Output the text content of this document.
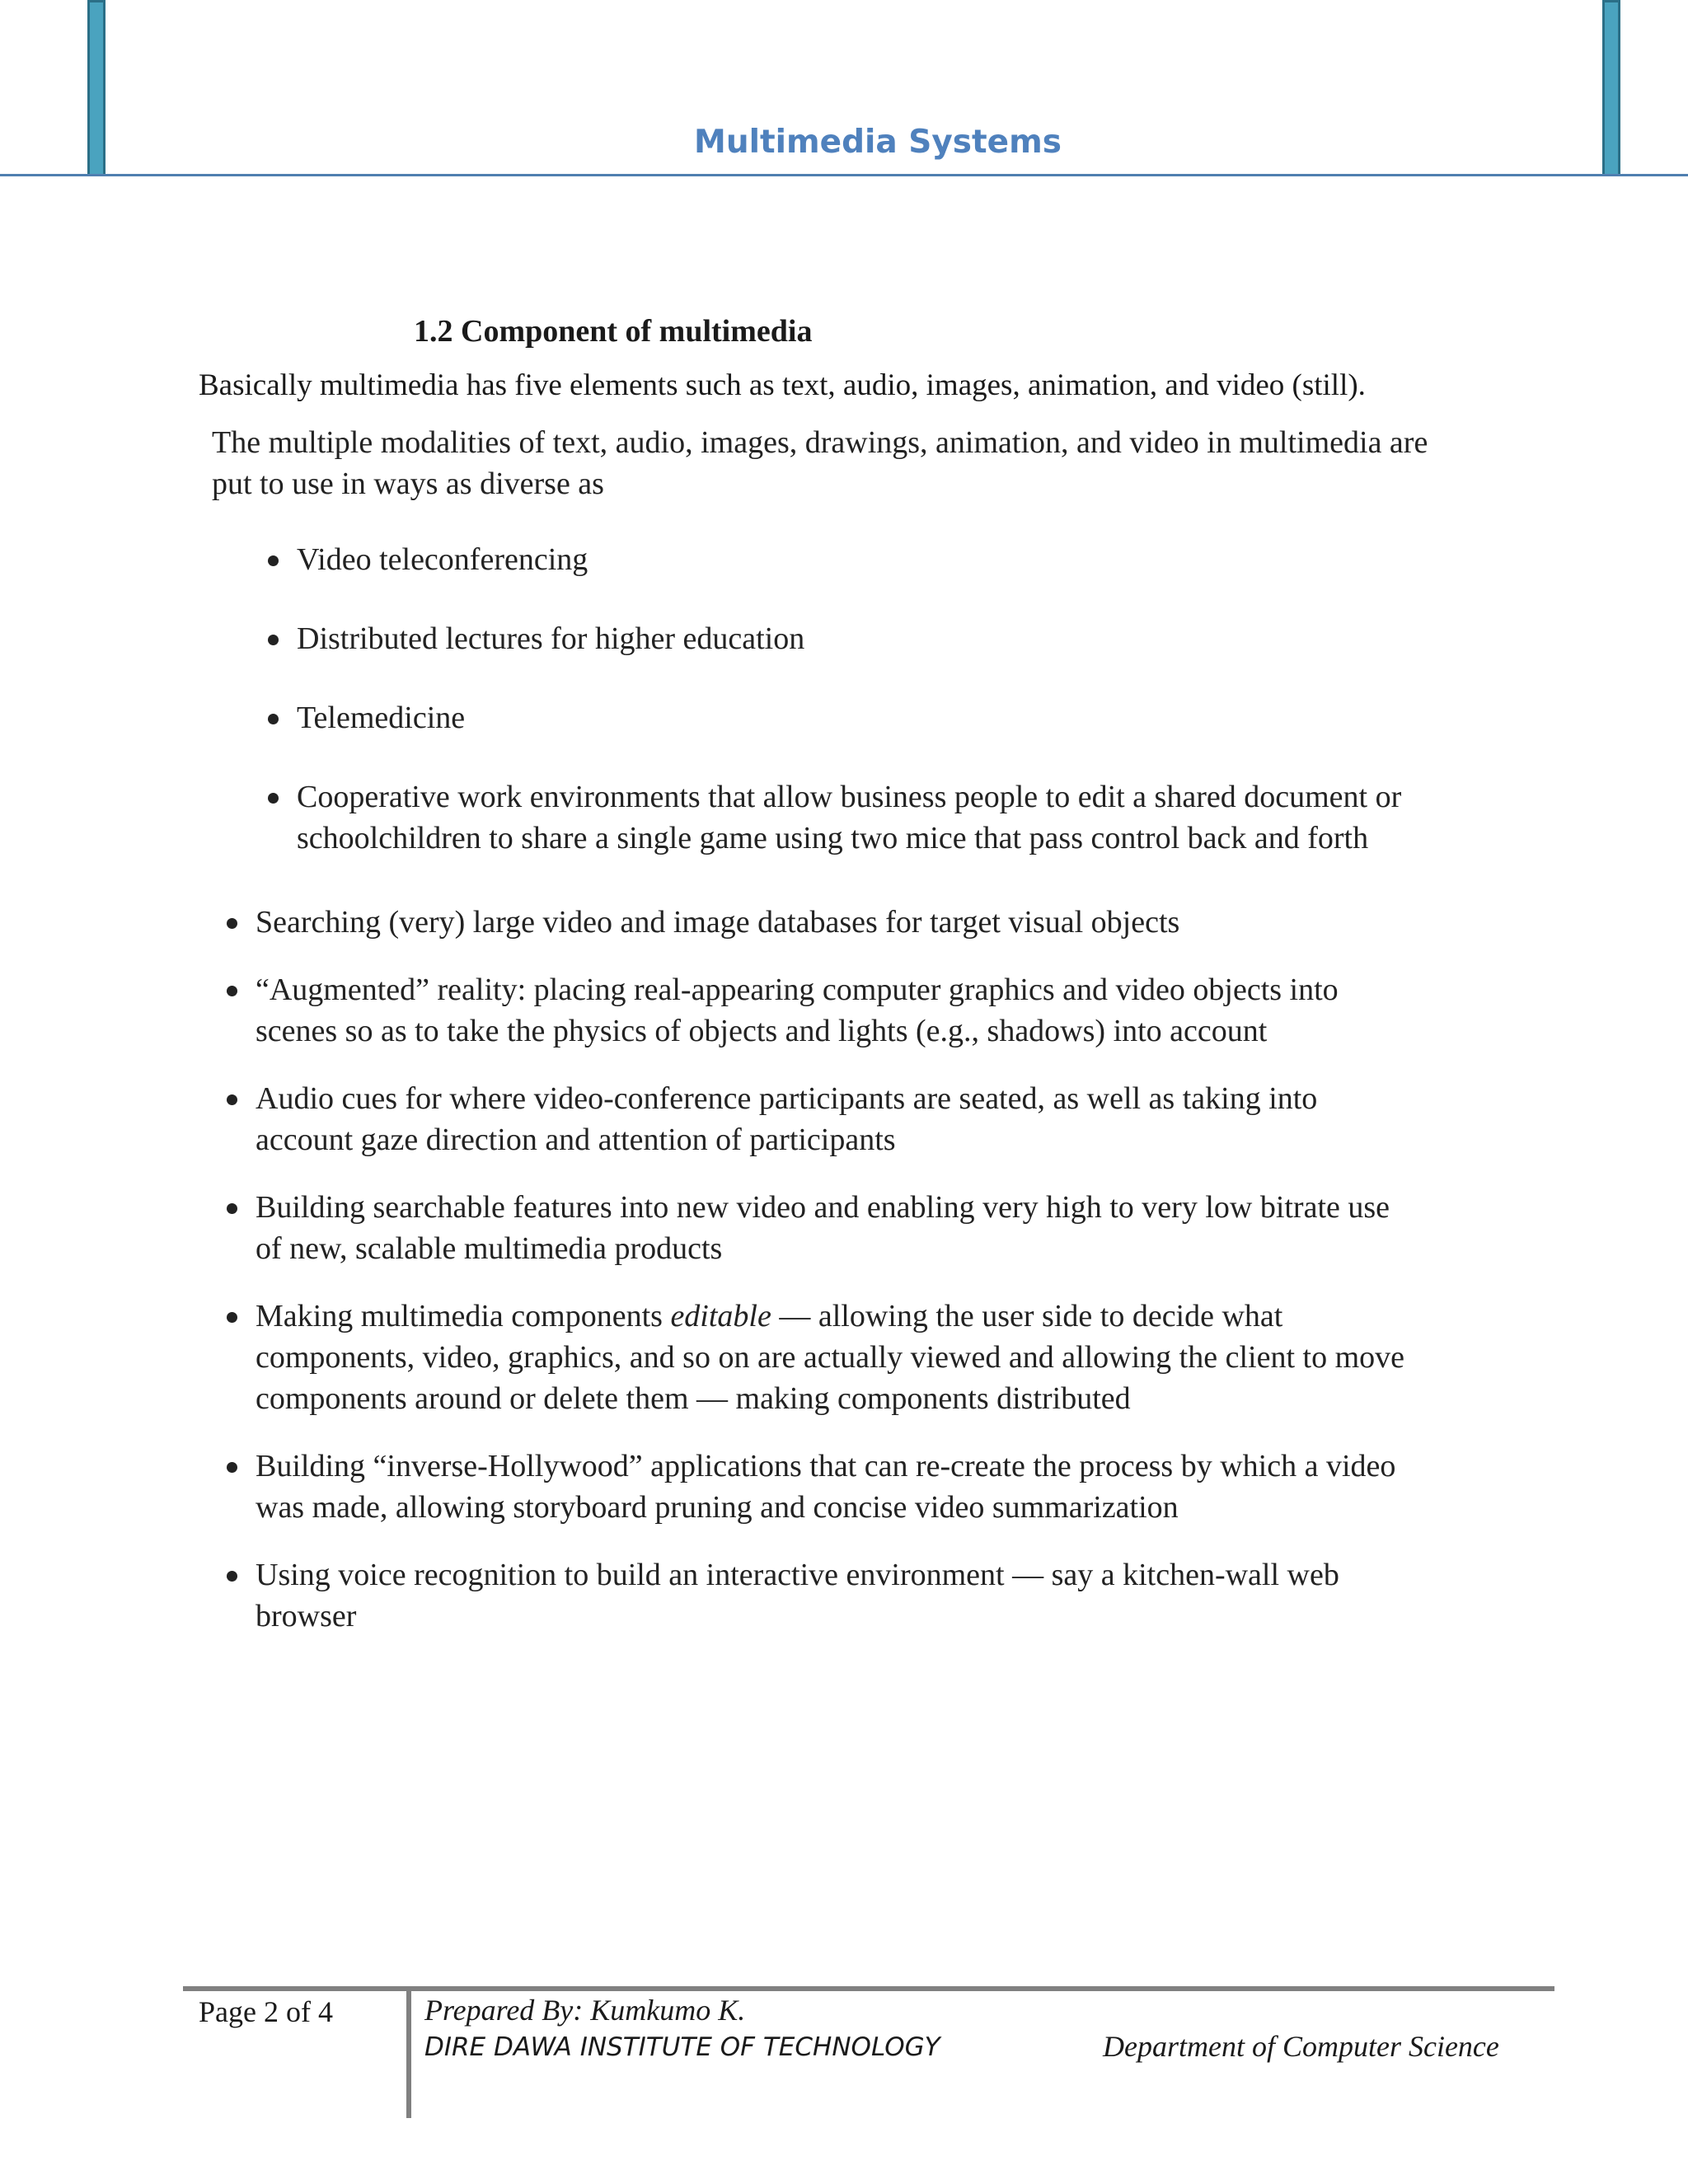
Multimedia Systems
1.2 Component of multimedia
Basically multimedia has five elements such as text, audio, images, animation, and video (still).

The multiple modalities of text, audio, images, drawings, animation, and video in multimedia are put to use in ways as diverse as

Video teleconferencing
Distributed lectures for higher education
Telemedicine
Cooperative work environments that allow business people to edit a shared document or schoolchildren to share a single game using two mice that pass control back and forth
Searching (very) large video and image databases for target visual objects
“Augmented” reality: placing real-appearing computer graphics and video objects into scenes so as to take the physics of objects and lights (e.g., shadows) into account
Audio cues for where video-conference participants are seated, as well as taking into account gaze direction and attention of participants
Building searchable features into new video and enabling very high to very low bitrate use of new, scalable multimedia products
Making multimedia components editable — allowing the user side to decide what components, video, graphics, and so on are actually viewed and allowing the client to move components around or delete them — making components distributed
Building “inverse-Hollywood” applications that can re-create the process by which a video was made, allowing storyboard pruning and concise video summarization
Using voice recognition to build an interactive environment — say a kitchen-wall web browser
Page 2 of 4	Prepared By: Kumkumo K.
DIRE DAWA INSTITUTE OF TECHNOLOGY	Department of Computer Science
